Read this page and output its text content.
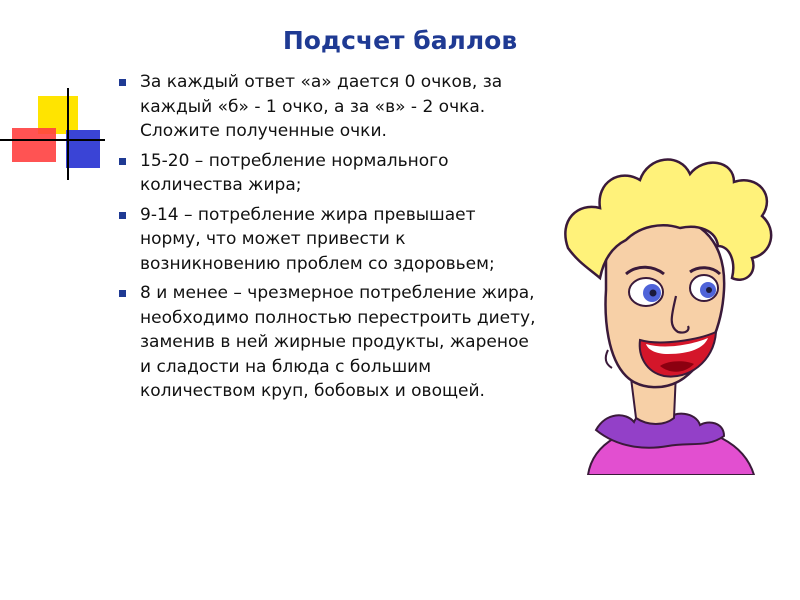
Подсчет баллов
За каждый ответ «а» дается 0 очков, за каждый «б» - 1 очко, а за «в» - 2 очка. Сложите полученные очки.
15-20 – потребление нормального количества жира;
9-14 – потребление жира превышает норму, что может привести к возникновению проблем со здоровьем;
8 и менее – чрезмерное потребление жира, необходимо полностью перестроить диету, заменив в ней жирные продукты, жареное и сладости на блюда с большим количеством круп, бобовых и овощей.
